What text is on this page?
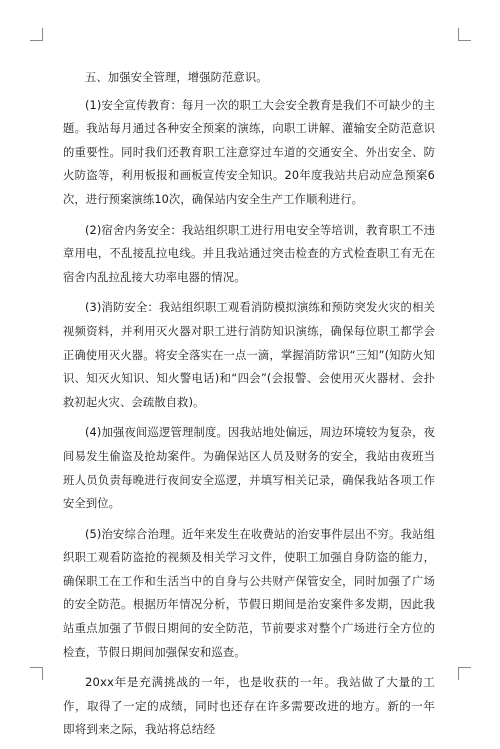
五、加强安全管理，增强防范意识。

(1)安全宣传教育：每月一次的职工大会安全教育是我们不可缺少的主题。我站每月通过各种安全预案的演练，向职工讲解、灌输安全防范意识的重要性。同时我们还教育职工注意穿过车道的交通安全、外出安全、防火防盗等，利用板报和画板宣传安全知识。20年度我站共启动应急预案6次，进行预案演练10次，确保站内安全生产工作顺利进行。

(2)宿舍内务安全：我站组织职工进行用电安全等培训，教育职工不违章用电，不乱接乱拉电线。并且我站通过突击检查的方式检查职工有无在宿舍内乱拉乱接大功率电器的情况。

(3)消防安全：我站组织职工观看消防模拟演练和预防突发火灾的相关视频资料，并利用灭火器对职工进行消防知识演练，确保每位职工都学会正确使用灭火器。将安全落实在一点一滴，掌握消防常识“三知”(知防火知识、知灭火知识、知火警电话)和“四会”(会报警、会使用灭火器材、会扑救初起火灾、会疏散自救)。

(4)加强夜间巡逻管理制度。因我站地处偏远，周边环境较为复杂，夜间易发生偷盗及抢劫案件。为确保站区人员及财务的安全，我站由夜班当班人员负责每晚进行夜间安全巡逻，并填写相关记录，确保我站各项工作安全到位。

(5)治安综合治理。近年来发生在收费站的治安事件层出不穷。我站组织职工观看防盗抢的视频及相关学习文件，使职工加强自身防盗的能力，确保职工在工作和生活当中的自身与公共财产保管安全，同时加强了广场的安全防范。根据历年情况分析，节假日期间是治安案件多发期，因此我站重点加强了节假日期间的安全防范，节前要求对整个广场进行全方位的检查，节假日期间加强保安和巡查。

20xx年是充满挑战的一年，也是收获的一年。我站做了大量的工作，取得了一定的成绩，同时也还存在许多需要改进的地方。新的一年即将到来之际，我站将总结经
